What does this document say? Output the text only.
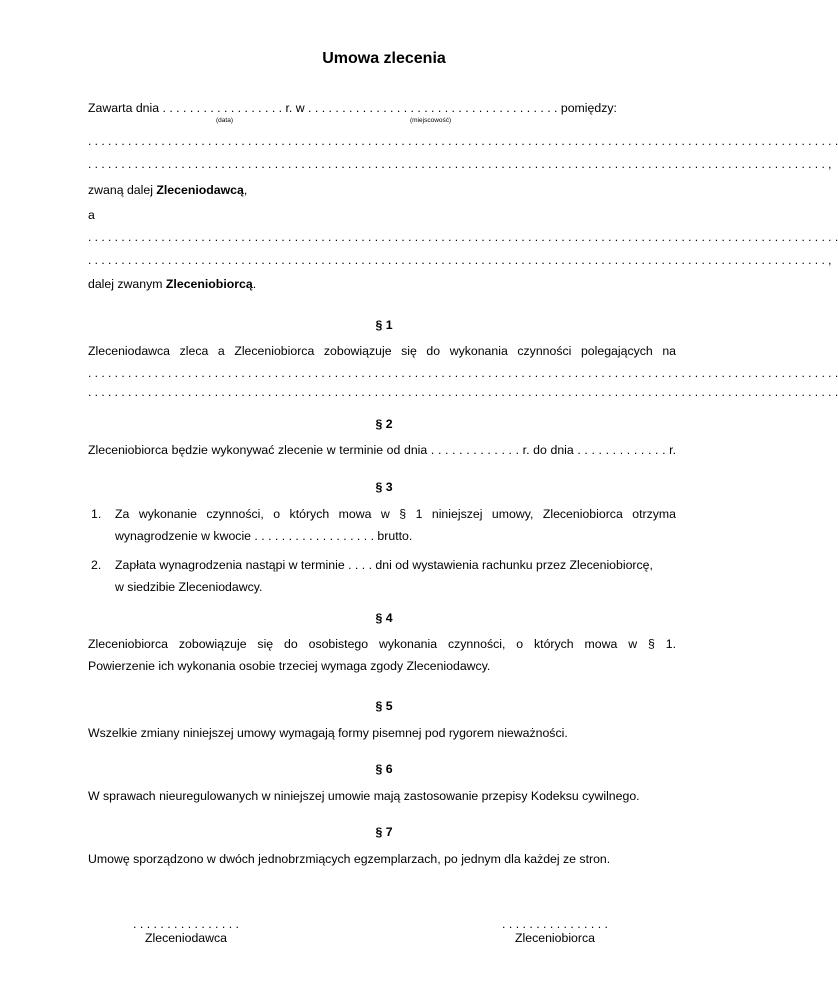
Umowa zlecenia
Zawarta dnia . . . . . . . . . . . . . . . . . . r. w . . . . . . . . . . . . . . . . . . . . . . . . . . . . . . . . . . . . . pomiędzy:
(data)	(miejscowość)
. . . . . . . . . . . . . . . . . . . . . . . . . . . . . . . . . . . . . . . . . . . . . . . . . . . . . . . . . . . . . . . . . . . . . . . . . . . . . . . . . . . . . . . . . . . . . . . . . . . . . . . . . . . . . . . . .
. . . . . . . . . . . . . . . . . . . . . . . . . . . . . . . . . . . . . . . . . . . . . . . . . . . . . . . . . . . . . . . . . . . . . . . . . . . . . . . . . . . . . . . . . . . . . . . . . . . . . . . . . . . . . . . ,
zwaną dalej Zleceniodawcą,
a
. . . . . . . . . . . . . . . . . . . . . . . . . . . . . . . . . . . . . . . . . . . . . . . . . . . . . . . . . . . . . . . . . . . . . . . . . . . . . . . . . . . . . . . . . . . . . . . . . . . . . . . . . . . . . . . . .
. . . . . . . . . . . . . . . . . . . . . . . . . . . . . . . . . . . . . . . . . . . . . . . . . . . . . . . . . . . . . . . . . . . . . . . . . . . . . . . . . . . . . . . . . . . . . . . . . . . . . . . . . . . . . . . ,
dalej zwanym Zleceniobiorcą.
§ 1
Zleceniodawca zleca a Zleceniobiorca zobowiązuje się do wykonania czynności polegających na
. . . . . . . . . . . . . . . . . . . . . . . . . . . . . . . . . . . . . . . . . . . . . . . . . . . . . . . . . . . . . . . . . . . . . . . . . . . . . . . . . . . . . . . . . . . . . . . . . . . . . . . . . . . . . . . . .
. . . . . . . . . . . . . . . . . . . . . . . . . . . . . . . . . . . . . . . . . . . . . . . . . . . . . . . . . . . . . . . . . . . . . . . . . . . . . . . . . . . . . . . . . . . . . . . . . . . . . . . . . . . . . . . . .
§ 2
Zleceniobiorca będzie wykonywać zlecenie w terminie od dnia . . . . . . . . . . . . . r. do dnia . . . . . . . . . . . . . r.
§ 3
1. Za wykonanie czynności, o których mowa w § 1 niniejszej umowy, Zleceniobiorca otrzyma
wynagrodzenie w kwocie . . . . . . . . . . . . . . . . . . brutto.
2. Zapłata wynagrodzenia nastąpi w terminie . . . . dni od wystawienia rachunku przez Zleceniobiorcę,
w siedzibie Zleceniodawcy.
§ 4
Zleceniobiorca zobowiązuje się do osobistego wykonania czynności, o których mowa w § 1.
Powierzenie ich wykonania osobie trzeciej wymaga zgody Zleceniodawcy.
§ 5
Wszelkie zmiany niniejszej umowy wymagają formy pisemnej pod rygorem nieważności.
§ 6
W sprawach nieuregulowanych w niniejszej umowie mają zastosowanie przepisy Kodeksu cywilnego.
§ 7
Umowę sporządzono w dwóch jednobrzmiących egzemplarzach, po jednym dla każdej ze stron.
. . . . . . . . . . . . . . . .
Zleceniodawca
. . . . . . . . . . . . . . . .
Zleceniobiorca
